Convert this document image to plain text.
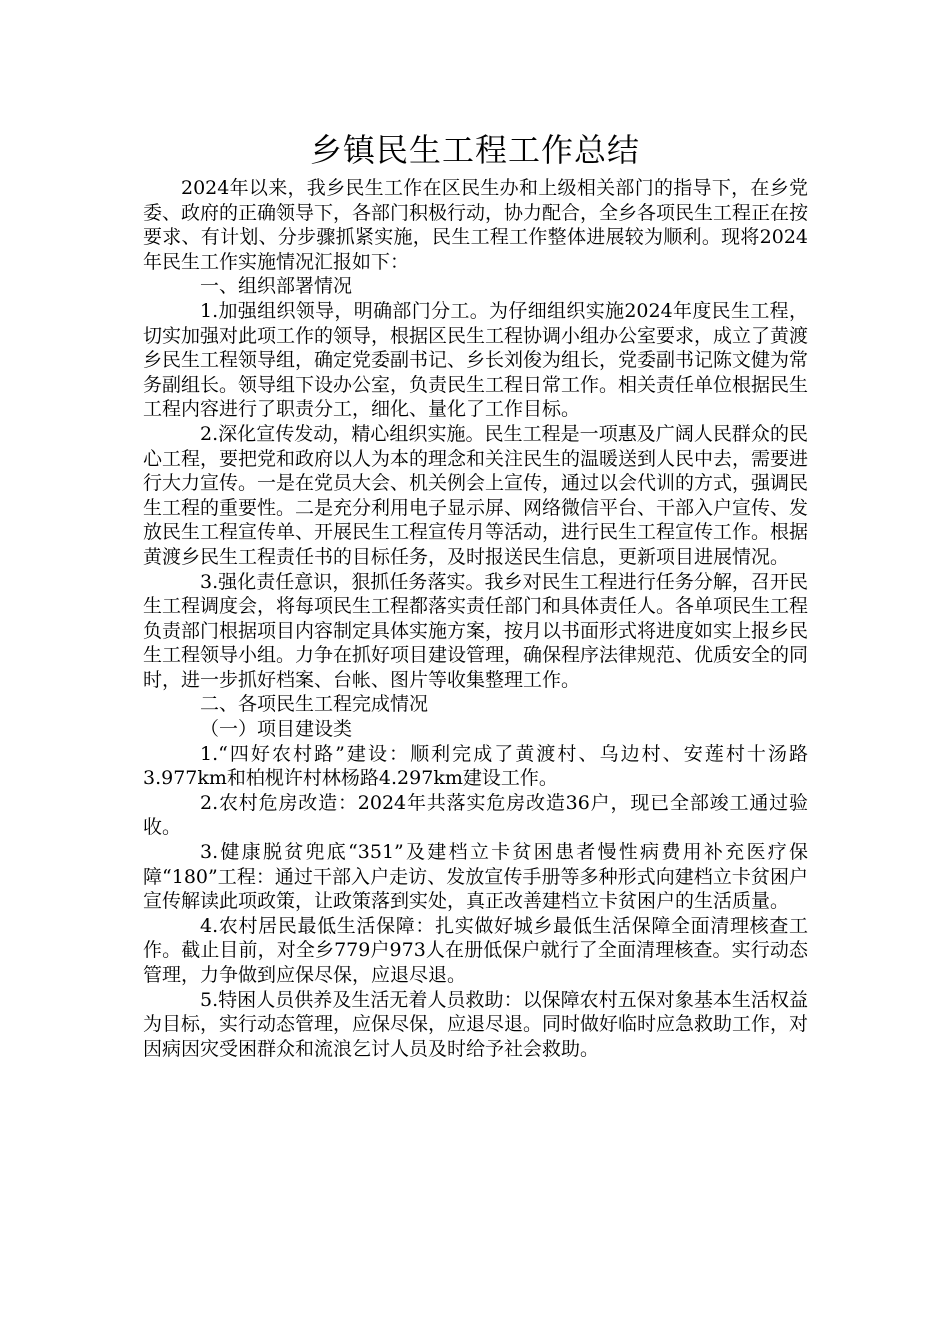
乡镇民生工程工作总结

2024年以来，我乡民生工作在区民生办和上级相关部门的指导下，在乡党委、政府的正确领导下，各部门积极行动，协力配合，全乡各项民生工程正在按要求、有计划、分步骤抓紧实施，民生工程工作整体进展较为顺利。现将2024年民生工作实施情况汇报如下：

一、组织部署情况

1.加强组织领导，明确部门分工。为仔细组织实施2024年度民生工程，切实加强对此项工作的领导，根据区民生工程协调小组办公室要求，成立了黄渡乡民生工程领导组，确定党委副书记、乡长刘俊为组长，党委副书记陈文健为常务副组长。领导组下设办公室，负责民生工程日常工作。相关责任单位根据民生工程内容进行了职责分工，细化、量化了工作目标。

2.深化宣传发动，精心组织实施。民生工程是一项惠及广阔人民群众的民心工程，要把党和政府以人为本的理念和关注民生的温暖送到人民中去，需要进行大力宣传。一是在党员大会、机关例会上宣传，通过以会代训的方式，强调民生工程的重要性。二是充分利用电子显示屏、网络微信平台、干部入户宣传、发放民生工程宣传单、开展民生工程宣传月等活动，进行民生工程宣传工作。根据黄渡乡民生工程责任书的目标任务，及时报送民生信息，更新项目进展情况。

3.强化责任意识，狠抓任务落实。我乡对民生工程进行任务分解，召开民生工程调度会，将每项民生工程都落实责任部门和具体责任人。各单项民生工程负责部门根据项目内容制定具体实施方案，按月以书面形式将进度如实上报乡民生工程领导小组。力争在抓好项目建设管理，确保程序法律规范、优质安全的同时，进一步抓好档案、台帐、图片等收集整理工作。

二、各项民生工程完成情况

（一）项目建设类

1.“四好农村路”建设：顺利完成了黄渡村、乌边村、安莲村十汤路3.977km和柏枧许村林杨路4.297km建设工作。

2.农村危房改造：2024年共落实危房改造36户，现已全部竣工通过验收。

3.健康脱贫兜底“351”及建档立卡贫困患者慢性病费用补充医疗保障“180”工程：通过干部入户走访、发放宣传手册等多种形式向建档立卡贫困户宣传解读此项政策，让政策落到实处，真正改善建档立卡贫困户的生活质量。

4.农村居民最低生活保障：扎实做好城乡最低生活保障全面清理核查工作。截止目前，对全乡779户973人在册低保户就行了全面清理核查。实行动态管理，力争做到应保尽保，应退尽退。

5.特困人员供养及生活无着人员救助：以保障农村五保对象基本生活权益为目标，实行动态管理，应保尽保，应退尽退。同时做好临时应急救助工作，对因病因灾受困群众和流浪乞讨人员及时给予社会救助。
